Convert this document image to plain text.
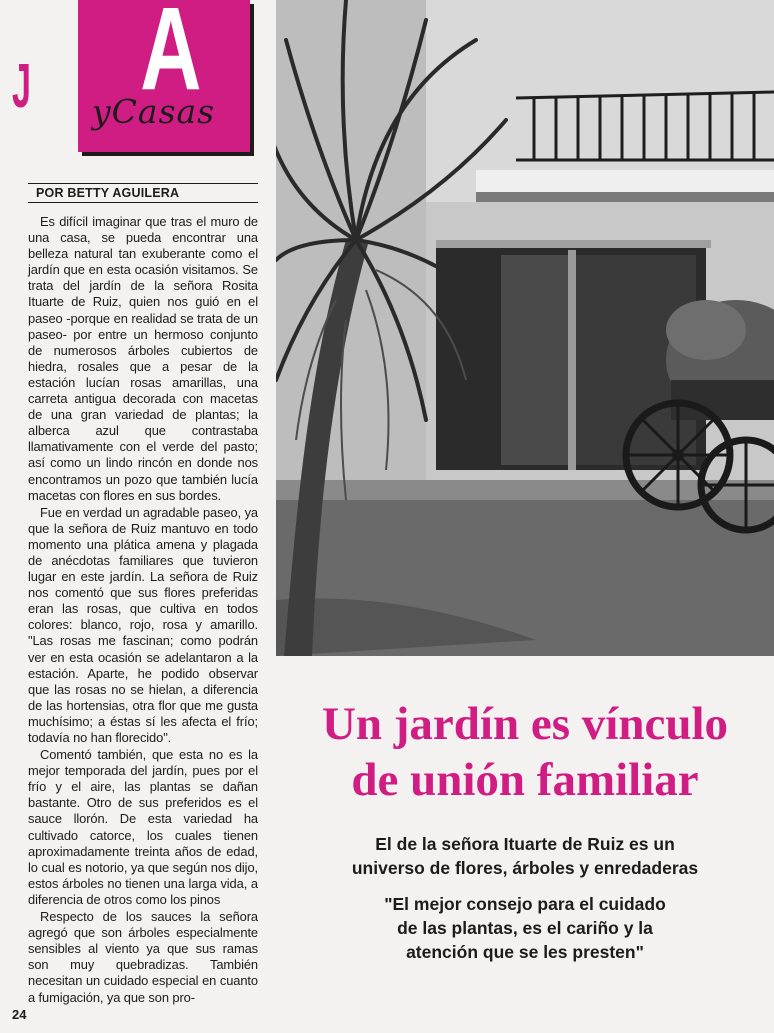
A
yCasas
J
POR BETTY AGUILERA

Es difícil imaginar que tras el muro de una casa, se pueda encontrar una belleza natural tan exuberante como el jardín que en esta ocasión visitamos. Se trata del jardín de la señora Rosita Ituarte de Ruiz, quien nos guió en el paseo -porque en realidad se trata de un paseo- por entre un hermoso conjunto de numerosos árboles cubiertos de hiedra, rosales que a pesar de la estación lucían rosas amarillas, una carreta antigua decorada con macetas de una gran variedad de plantas; la alberca azul que contrastaba llamativamente con el verde del pasto; así como un lindo rincón en donde nos encontramos un pozo que también lucía macetas con flores en sus bordes.

Fue en verdad un agradable paseo, ya que la señora de Ruiz mantuvo en todo momento una plática amena y plagada de anécdotas familiares que tuvieron lugar en este jardín. La señora de Ruiz nos comentó que sus flores preferidas eran las rosas, que cultiva en todos colores: blanco, rojo, rosa y amarillo. "Las rosas me fascinan; como podrán ver en esta ocasión se adelantaron a la estación. Aparte, he podido observar que las rosas no se hielan, a diferencia de las hortensias, otra flor que me gusta muchísimo; a éstas sí les afecta el frío; todavía no han florecido".

Comentó también, que esta no es la mejor temporada del jardín, pues por el frío y el aire, las plantas se dañan bastante. Otro de sus preferidos es el sauce llorón. De esta variedad ha cultivado catorce, los cuales tienen aproximadamente treinta años de edad, lo cual es notorio, ya que según nos dijo, estos árboles no tienen una larga vida, a diferencia de otros como los pinos

Respecto de los sauces la señora agregó que son árboles especialmente sensibles al viento ya que sus ramas son muy quebradizas. También necesitan un cuidado especial en cuanto a fumigación, ya que son pro-

24
Un jardín es vínculo
de unión familiar
El de la señora Ituarte de Ruiz es un
universo de flores, árboles y enredaderas
"El mejor consejo para el cuidado
de las plantas, es el cariño y la
atención que se les presten"
